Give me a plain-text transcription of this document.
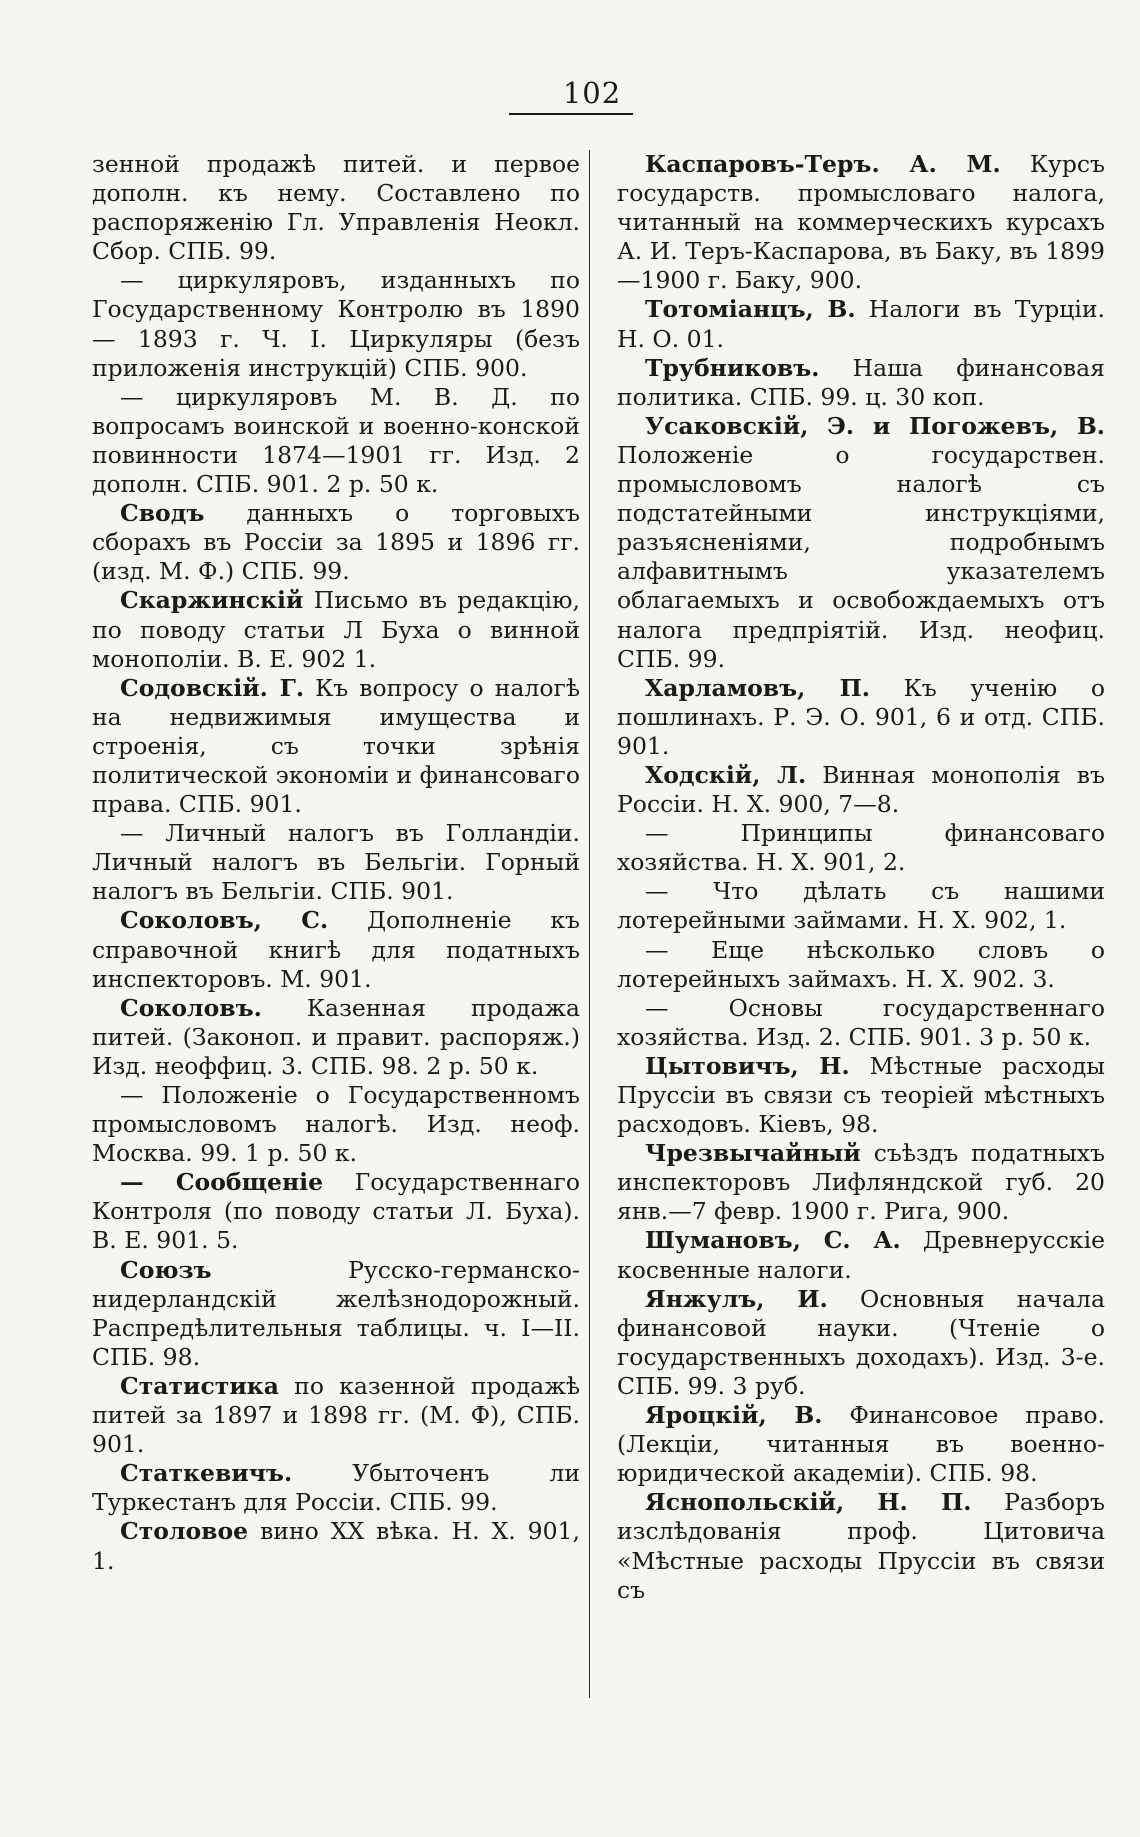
102

зенной продажѣ питей. и первое дополн. къ нему. Составлено по распоряженію Гл. Управленія Неокл. Сбор. СПБ. 99.

— циркуляровъ, изданныхъ по Государственному Контролю въ 1890 — 1893 г. Ч. I. Циркуляры (безъ приложенія инструкцій) СПБ. 900.

— циркуляровъ М. В. Д. по вопросамъ воинской и военно-конской повинности 1874—1901 гг. Изд. 2 дополн. СПБ. 901. 2 р. 50 к.

Сводъ данныхъ о торговыхъ сборахъ въ Россіи за 1895 и 1896 гг. (изд. М. Ф.) СПБ. 99.

Скаржинскій Письмо въ редакцію, по поводу статьи Л Буха о винной монополіи. В. Е. 902 1.

Содовскій. Г. Къ вопросу о налогѣ на недвижимыя имущества и строенія, съ точки зрѣнія политической экономіи и финансоваго права. СПБ. 901.

— Личный налогъ въ Голландіи. Личный налогъ въ Бельгіи. Горный налогъ въ Бельгіи. СПБ. 901.

Соколовъ, С. Дополненіе къ справочной книгѣ для податныхъ инспекторовъ. М. 901.

Соколовъ. Казенная продажа питей. (Законоп. и правит. распоряж.) Изд. неоффиц. 3. СПБ. 98. 2 р. 50 к.

— Положеніе о Государственномъ промысловомъ налогѣ. Изд. неоф. Москва. 99. 1 р. 50 к.

— Сообщеніе Государственнаго Контроля (по поводу статьи Л. Буха). В. Е. 901. 5.

Союзъ	Русско-германско-нидерландскій желѣзнодорожный. Распредѣлительныя таблицы. ч. I—II. СПБ. 98.

Статистика по казенной продажѣ питей за 1897 и 1898 гг. (М. Ф), СПБ. 901.

Статкевичъ.	Убыточенъ ли Туркестанъ для Россіи. СПБ. 99.

Столовое вино XX вѣка. Н. Х. 901, 1.

Каспаровъ-Теръ. А. М. Курсъ государств. промысловаго налога, читанный на коммерческихъ курсахъ А. И. Теръ-Каспарова, въ Баку, въ 1899—1900 г. Баку, 900.

Тотоміанцъ, В. Налоги въ Турціи. Н. О. 01.

Трубниковъ. Наша финансовая политика. СПБ. 99. ц. 30 коп.

Усаковскій, Э. и Погожевъ, В. Положеніе о государствен. промысловомъ налогѣ съ подстатейными инструкціями, разъясненіями, подробнымъ алфавитнымъ указателемъ облагаемыхъ и освобождаемыхъ отъ налога предпріятій. Изд. неофиц. СПБ. 99.

Харламовъ, П. Къ ученію о пошлинахъ. Р. Э. О. 901, 6 и отд. СПБ. 901.

Ходскій, Л. Винная монополія въ Россіи. Н. Х. 900, 7—8.

— Принципы финансоваго хозяйства. Н. Х. 901, 2.

— Что дѣлать съ нашими лотерейными займами. Н. Х. 902, 1.

— Еще нѣсколько словъ о лотерейныхъ займахъ. Н. Х. 902. 3.

— Основы государственнаго хозяйства. Изд. 2. СПБ. 901. 3 р. 50 к.

Цытовичъ, Н. Мѣстные расходы Пруссіи въ связи съ теоріей мѣстныхъ расходовъ. Кіевъ, 98.

Чрезвычайный съѣздъ податныхъ инспекторовъ Лифляндской губ. 20 янв.—7 февр. 1900 г. Рига, 900.

Шумановъ, С. А. Древнерусскіе косвенные налоги.

Янжулъ, И. Основныя начала финансовой науки. (Чтеніе о государственныхъ доходахъ). Изд. 3-е. СПБ. 99. 3 руб.

Яроцкій, В. Финансовое право. (Лекціи, читанныя въ военно-юридической академіи). СПБ. 98.

Яснопольскій, Н. П. Разборъ изслѣдованія проф. Цитовича «Мѣстные расходы Пруссіи въ связи съ
